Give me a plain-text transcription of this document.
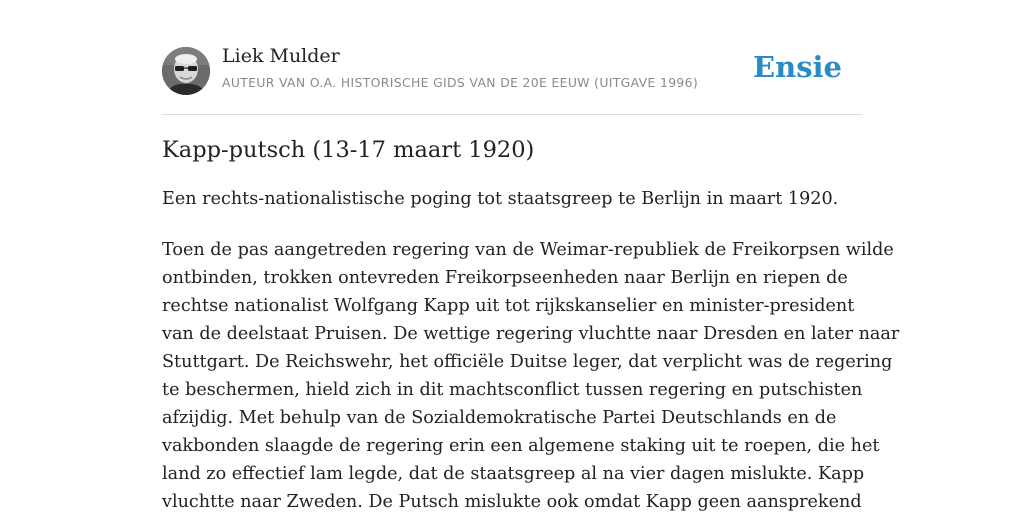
Liek Mulder
AUTEUR VAN O.A. HISTORISCHE GIDS VAN DE 20E EEUW (UITGAVE 1996) Ensie
Kapp-putsch (13-17 maart 1920)

Een rechts-nationalistische poging tot staatsgreep te Berlijn in maart 1920.

Toen de pas aangetreden regering van de Weimar-republiek de Freikorpsen wilde
ontbinden, trokken ontevreden Freikorpseenheden naar Berlijn en riepen de
rechtse nationalist Wolfgang Kapp uit tot rijkskanselier en minister-president
van de deelstaat Pruisen. De wettige regering vluchtte naar Dresden en later naar
Stuttgart. De Reichswehr, het officiële Duitse leger, dat verplicht was de regering
te beschermen, hield zich in dit machtsconflict tussen regering en putschisten
afzijdig. Met behulp van de Sozialdemokratische Partei Deutschlands en de
vakbonden slaagde de regering erin een algemene staking uit te roepen, die het
land zo effectief lam legde, dat de staatsgreep al na vier dagen mislukte. Kapp
vluchtte naar Zweden. De Putsch mislukte ook omdat Kapp geen aansprekend
